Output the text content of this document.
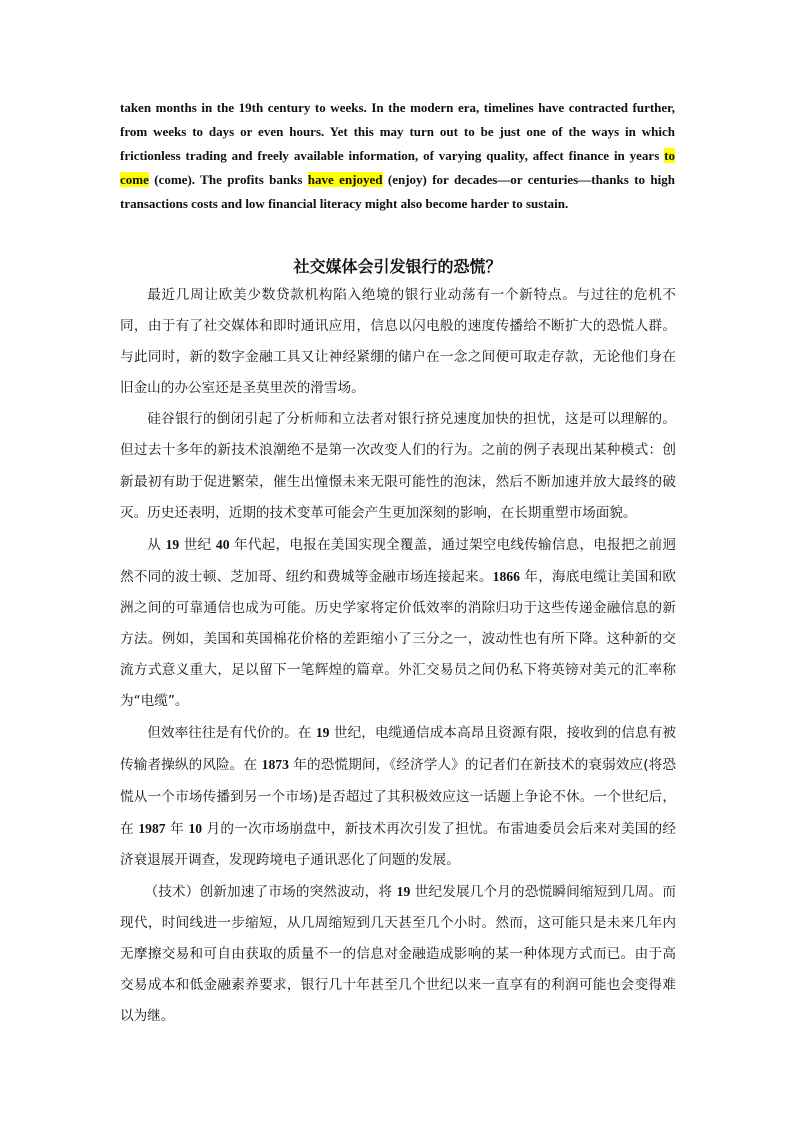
taken months in the 19th century to weeks. In the modern era, timelines have contracted further, from weeks to days or even hours. Yet this may turn out to be just one of the ways in which frictionless trading and freely available information, of varying quality, affect finance in years to come (come). The profits banks have enjoyed (enjoy) for decades—or centuries—thanks to high transactions costs and low financial literacy might also become harder to sustain.
社交媒体会引发银行的恐慌？

最近几周让欧美少数贷款机构陷入绝境的银行业动荡有一个新特点。与过往的危机不同，由于有了社交媒体和即时通讯应用，信息以闪电般的速度传播给不断扩大的恐慌人群。与此同时，新的数字金融工具又让神经紧绷的储户在一念之间便可取走存款，无论他们身在旧金山的办公室还是圣莫里茨的滑雪场。

硅谷银行的倒闭引起了分析师和立法者对银行挤兑速度加快的担忧，这是可以理解的。但过去十多年的新技术浪潮绝不是第一次改变人们的行为。之前的例子表现出某种模式：创新最初有助于促进繁荣，催生出憧憬未来无限可能性的泡沫，然后不断加速并放大最终的破灭。历史还表明，近期的技术变革可能会产生更加深刻的影响，在长期重塑市场面貌。

从 19 世纪 40 年代起，电报在美国实现全覆盖，通过架空电线传输信息，电报把之前迥然不同的波士顿、芝加哥、纽约和费城等金融市场连接起来。1866 年，海底电缆让美国和欧洲之间的可靠通信也成为可能。历史学家将定价低效率的消除归功于这些传递金融信息的新方法。例如，美国和英国棉花价格的差距缩小了三分之一，波动性也有所下降。这种新的交流方式意义重大，足以留下一笔辉煌的篇章。外汇交易员之间仍私下将英镑对美元的汇率称为“电缆”。

但效率往往是有代价的。在 19 世纪，电缆通信成本高昂且资源有限，接收到的信息有被传输者操纵的风险。在 1873 年的恐慌期间，《经济学人》的记者们在新技术的衰弱效应(将恐慌从一个市场传播到另一个市场)是否超过了其积极效应这一话题上争论不休。一个世纪后，在 1987 年 10 月的一次市场崩盘中，新技术再次引发了担忧。布雷迪委员会后来对美国的经济衰退展开调查，发现跨境电子通讯恶化了问题的发展。

（技术）创新加速了市场的突然波动，将 19 世纪发展几个月的恐慌瞬间缩短到几周。而现代，时间线进一步缩短，从几周缩短到几天甚至几个小时。然而，这可能只是未来几年内无摩擦交易和可自由获取的质量不一的信息对金融造成影响的某一种体现方式而已。由于高交易成本和低金融素养要求，银行几十年甚至几个世纪以来一直享有的利润可能也会变得难以为继。
